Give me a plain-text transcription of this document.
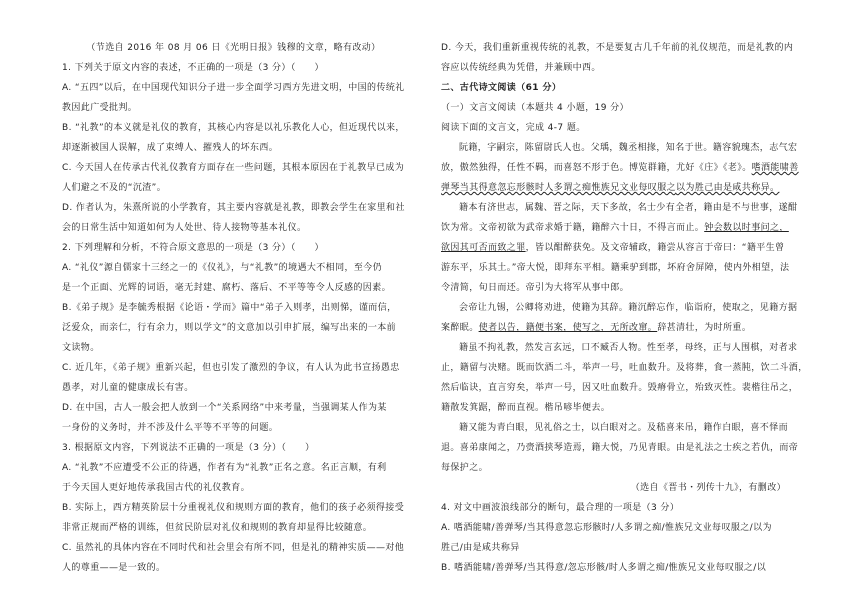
（节选自 2016 年 08 月 06 日《光明日报》钱穆的文章，略有改动）
1. 下列关于原文内容的表述，不正确的一项是（3 分）（　　）
A. “五四”以后，在中国现代知识分子进一步全面学习西方先进文明，中国的传统礼
教因此广受批判。
B. “礼教”的本义就是礼仪的教育，其核心内容是以礼乐教化人心，但近现代以来，
却逐渐被国人误解，成了束缚人、摧残人的坏东西。
C. 今天国人在传承古代礼仪教育方面存在一些问题，其根本原因在于礼教早已成为
人们避之不及的“沉渣”。
D. 作者认为，朱熹所说的小学教育，其主要内容就是礼教，即教会学生在家里和社
会的日常生活中知道如何为人处世、待人接物等基本礼仪。
2. 下列理解和分析，不符合原文意思的一项是（3 分）（　　）
A. “礼仪”源自儒家十三经之一的《仪礼》，与“礼教”的境遇大不相同，至今仍
是一个正面、光辉的词语，毫无封建、腐朽、落后、不平等等令人反感的因素。
B.《弟子规》是李毓秀根据《论语・学而》篇中“弟子入则孝，出则悌，谨而信，
泛爱众，而亲仁，行有余力，则以学文”的文意加以引申扩展，编写出来的一本前
文读物。
C. 近几年，《弟子规》重新兴起，但也引发了激烈的争议，有人认为此书宣扬愚忠
愚孝，对儿童的健康成长有害。
D. 在中国，古人一般会把人放到一个“关系网络”中来考量，当强调某人作为某
一身份的义务时，并不涉及什么平等不平等的问题。
3. 根据原文内容，下列说法不正确的一项是（3 分）（　　）
A. “礼教”不应遭受不公正的待遇，作者有为“礼教”正名之意。名正言顺，有利
于今天国人更好地传承我国古代的礼仪教育。
B. 实际上，西方精英阶层十分重视礼仪和规则方面的教育，他们的孩子必须得接受
非常正规而严格的训练，但贫民阶层对礼仪和规则的教育却显得比较随意。
C. 虽然礼的具体内容在不同时代和社会里会有所不同，但是礼的精神实质——对他
人的尊重——是一致的。
D. 今天，我们重新重视传统的礼教，不是要复古几千年前的礼仪规范，而是礼教的内
容应以传统经典为凭借，并兼顾中西。
二、古代诗文阅读（61 分）
（一）文言文阅读（本题共 4 小题，19 分）
阅读下面的文言文，完成 4-7 题。
阮籍，字嗣宗，陈留尉氏人也。父瑀，魏丞相掾，知名于世。籍容貌瑰杰，志气宏
放，傲然独得，任性不羁，而喜怒不形于色。博览群籍，尤好《庄》《老》。嗜酒能啸善
弹琴当其得意忽忘形骸时人多谓之痴惟族兄文业每叹服之以为胜己由是咸共称异。
籍本有济世志，属魏、晋之际，天下多故，名士少有全者，籍由是不与世事，遂酣
饮为常。文帝初欲为武帝求婚于籍，籍醉六十日，不得言而止。钟会数以时事问之，
欲因其可否而致之罪，皆以酣醉获免。及文帝辅政，籍尝从容言于帝曰：“籍平生曾
游东平，乐其土。”帝大悦，即拜东平相。籍乘驴到郡，坏府舍屏障，使内外相望，法
令清简，旬日而还。帝引为大将军从事中郎。
会帝让九锡，公卿将劝进，使籍为其辞。籍沉醉忘作，临诣府，使取之，见籍方据
案醉眠。使者以告，籍便书案，使写之，无所改窜。辞甚清壮，为时所重。
籍虽不拘礼教，然发言玄远，口不臧否人物。性至孝，母终，正与人围棋，对者求
止，籍留与决赌。既而饮酒二斗，举声一号，吐血数升。及将葬，食一蒸肫，饮二斗酒，
然后临诀，直言穷矣，举声一号，因又吐血数升。毁瘠骨立，殆致灭性。裴楷往吊之，
籍散发箕踞，醉而直视。楷吊喭毕便去。
籍又能为青白眼，见礼俗之士，以白眼对之。及嵇喜来吊，籍作白眼，喜不怿而
退。喜弟康闻之，乃赍酒挟琴造焉，籍大悦，乃见青眼。由是礼法之士疾之若仇，而帝
每保护之。
（选自《晋书・列传十九》，有删改）
4. 对文中画波浪线部分的断句，最合理的一项是（3 分）
A. 嗜酒能啸/善弹琴/当其得意忽忘形骸时/人多谓之痴/惟族兄文业每叹服之/以为
胜己/由是咸共称异
B. 嗜酒能啸/善弹琴/当其得意/忽忘形骸/时人多谓之痴/惟族兄文业每叹服之/以
